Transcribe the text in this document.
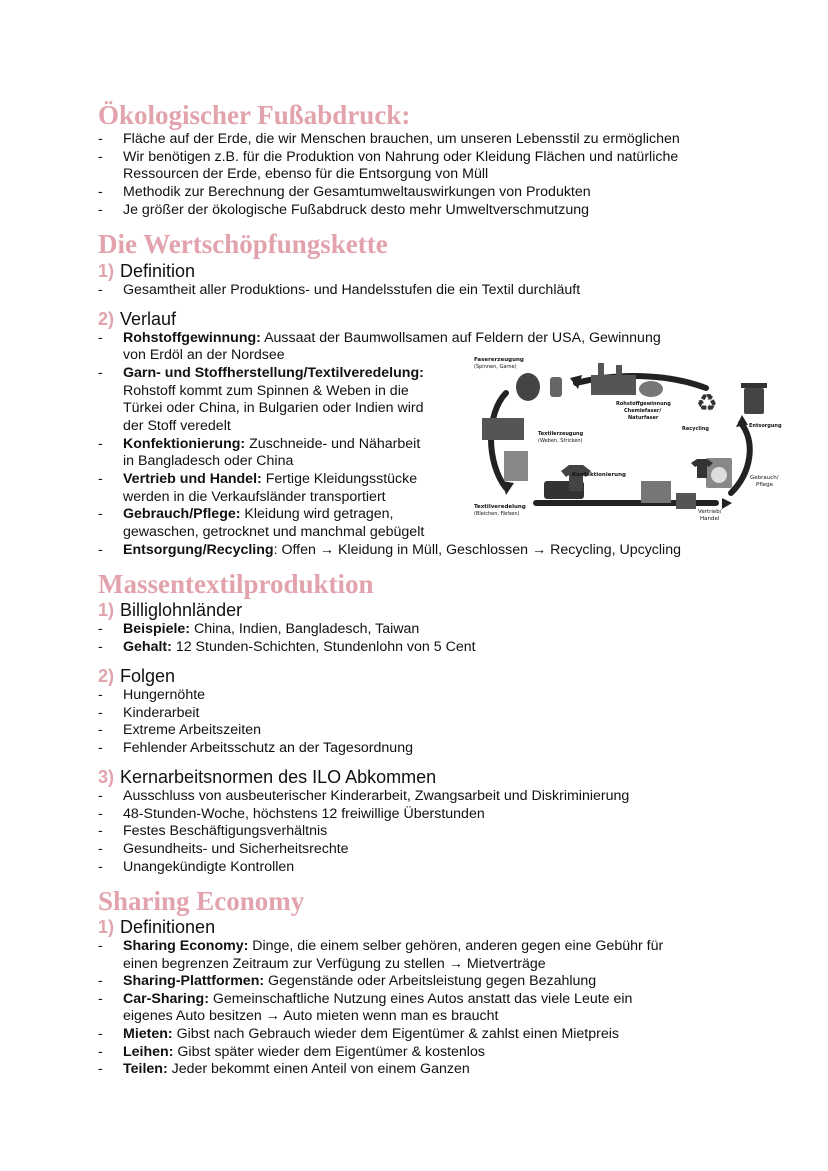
Ökologischer Fußabdruck:
- Fläche auf der Erde, die wir Menschen brauchen, um unseren Lebensstil zu ermöglichen
- Wir benötigen z.B. für die Produktion von Nahrung oder Kleidung Flächen und natürliche
Ressourcen der Erde, ebenso für die Entsorgung von Müll
- Methodik zur Berechnung der Gesamtumweltauswirkungen von Produkten
- Je größer der ökologische Fußabdruck desto mehr Umweltverschmutzung
Die Wertschöpfungskette
1) Definition
- Gesamtheit aller Produktions- und Handelsstufen die ein Textil durchläuft
2) Verlauf
- Rohstoffgewinnung: Aussaat der Baumwollsamen auf Feldern der USA, Gewinnung
von Erdöl an der Nordsee
- Garn- und Stoffherstellung/Textilveredelung:
Rohstoff kommt zum Spinnen & Weben in die
Türkei oder China, in Bulgarien oder Indien wird
der Stoff veredelt
- Konfektionierung: Zuschneide- und Näharbeit
in Bangladesch oder China
- Vertrieb und Handel: Fertige Kleidungsstücke
werden in die Verkaufsländer transportiert
- Gebrauch/Pflege: Kleidung wird getragen,
gewaschen, getrocknet und manchmal gebügelt
- Entsorgung/Recycling: Offen → Kleidung in Müll, Geschlossen → Recycling, Upcycling
♻
Fasererzeugung
(Spinnen, Garne)
Rohstoffgewinnung
Chemiefaser/
Naturfaser
Recycling	Entsorgung
Textilerzeugung
(Weben, Stricken)
Konfektionierung	Gebrauch/
Pflege
Textilveredelung
(Bleichen, Färben)	Vertrieb/
Handel
Massentextilproduktion
1) Billiglohnländer
- Beispiele: China, Indien, Bangladesch, Taiwan
- Gehalt: 12 Stunden-Schichten, Stundenlohn von 5 Cent
2) Folgen
- Hungernöhte
- Kinderarbeit
- Extreme Arbeitszeiten
- Fehlender Arbeitsschutz an der Tagesordnung
3) Kernarbeitsnormen des ILO Abkommen
- Ausschluss von ausbeuterischer Kinderarbeit, Zwangsarbeit und Diskriminierung
- 48-Stunden-Woche, höchstens 12 freiwillige Überstunden
- Festes Beschäftigungsverhältnis
- Gesundheits- und Sicherheitsrechte
- Unangekündigte Kontrollen
Sharing Economy
1) Definitionen
- Sharing Economy: Dinge, die einem selber gehören, anderen gegen eine Gebühr für
einen begrenzen Zeitraum zur Verfügung zu stellen → Mietverträge
- Sharing-Plattformen: Gegenstände oder Arbeitsleistung gegen Bezahlung
- Car-Sharing: Gemeinschaftliche Nutzung eines Autos anstatt das viele Leute ein
eigenes Auto besitzen → Auto mieten wenn man es braucht
- Mieten: Gibst nach Gebrauch wieder dem Eigentümer & zahlst einen Mietpreis
- Leihen: Gibst später wieder dem Eigentümer & kostenlos
- Teilen: Jeder bekommt einen Anteil von einem Ganzen
